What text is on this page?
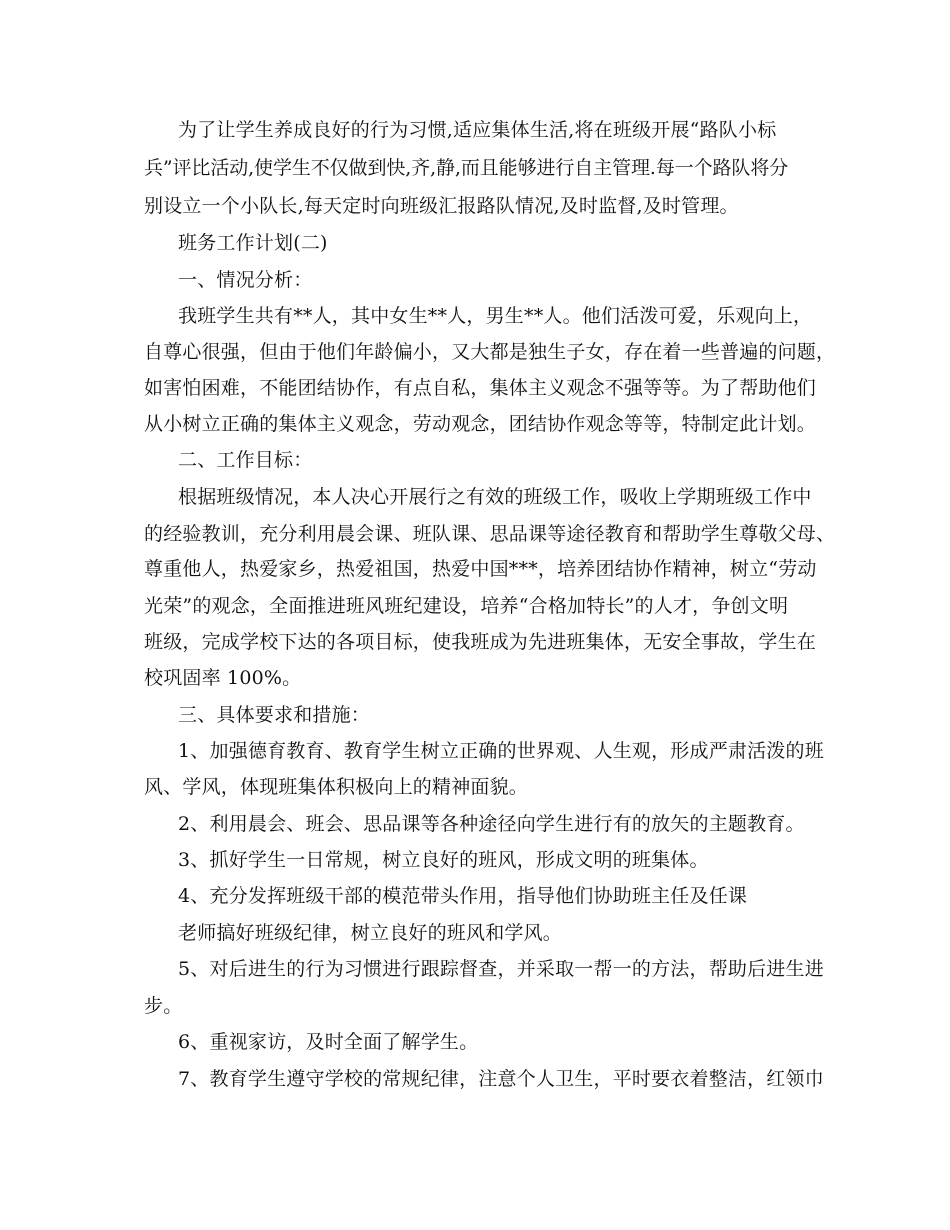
为了让学生养成良好的行为习惯,适应集体生活,将在班级开展“路队小标
兵”评比活动,使学生不仅做到快,齐,静,而且能够进行自主管理.每一个路队将分
别设立一个小队长,每天定时向班级汇报路队情况,及时监督,及时管理。
班务工作计划(二)
一、情况分析：
我班学生共有**人，其中女生**人，男生**人。他们活泼可爱，乐观向上，
自尊心很强，但由于他们年龄偏小，又大都是独生子女，存在着一些普遍的问题，
如害怕困难，不能团结协作，有点自私，集体主义观念不强等等。为了帮助他们
从小树立正确的集体主义观念，劳动观念，团结协作观念等等，特制定此计划。
二、工作目标：
根据班级情况，本人决心开展行之有效的班级工作，吸收上学期班级工作中
的经验教训，充分利用晨会课、班队课、思品课等途径教育和帮助学生尊敬父母、
尊重他人，热爱家乡，热爱祖国，热爱中国***，培养团结协作精神，树立“劳动
光荣”的观念，全面推进班风班纪建设，培养“合格加特长”的人才，争创文明
班级，完成学校下达的各项目标，使我班成为先进班集体，无安全事故，学生在
校巩固率 100%。
三、具体要求和措施：
1、加强德育教育、教育学生树立正确的世界观、人生观，形成严肃活泼的班
风、学风，体现班集体积极向上的精神面貌。
2、利用晨会、班会、思品课等各种途径向学生进行有的放矢的主题教育。
3、抓好学生一日常规，树立良好的班风，形成文明的班集体。
4、充分发挥班级干部的模范带头作用，指导他们协助班主任及任课
老师搞好班级纪律，树立良好的班风和学风。
5、对后进生的行为习惯进行跟踪督查，并采取一帮一的方法，帮助后进生进
步。
6、重视家访，及时全面了解学生。
7、教育学生遵守学校的常规纪律，注意个人卫生，平时要衣着整洁，红领巾
